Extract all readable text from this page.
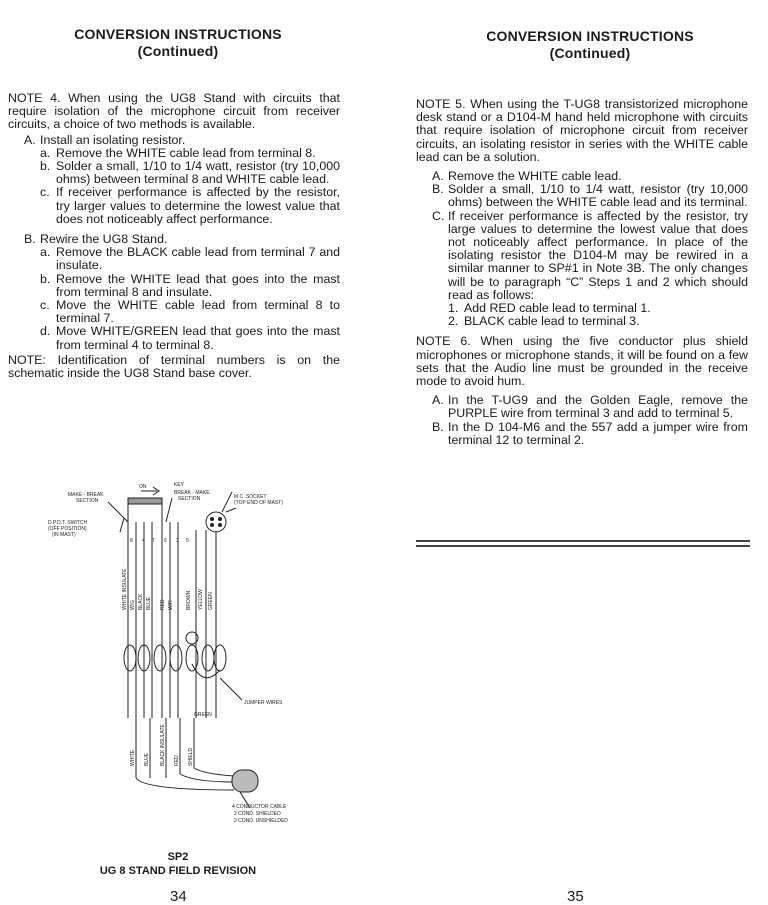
CONVERSION INSTRUCTIONS
(Continued)

NOTE 4. When using the UG8 Stand with circuits that require isolation of the microphone circuit from receiver circuits, a choice of two methods is available.

A. Install an isolating resistor.
a. Remove the WHITE cable lead from terminal 8.
b. Solder a small, 1/10 to 1/4 watt, resistor (try 10,000 ohms) between terminal 8 and WHITE cable lead.
c. If receiver performance is affected by the resistor, try larger values to determine the lowest value that does not noticeably affect performance.
B. Rewire the UG8 Stand.
a. Remove the BLACK cable lead from terminal 7 and insulate.
b. Remove the WHITE lead that goes into the mast from terminal 8 and insulate.
c. Move the WHITE cable lead from terminal 8 to terminal 7.
d. Move WHITE/GREEN lead that goes into the mast from terminal 4 to terminal 8.

NOTE: Identification of terminal numbers is on the schematic inside the UG8 Stand base cover.

ON	KEY
MAKE - BREAK
SECTION
BREAK - MAKE
SECTION	M.C. SOCKET
(TOP END OF MAST)
D.P.D.T. SWITCH
(OFF POSITION)
(IN MAST)
JUMPER WIRES
GREEN
4 CONDUCTOR CABLE
2 COND. SHIELDED
2 COND. UNSHIELDED
8 4 7 6 3 5
WHITE INSULATE W/G BLACK BLUE RED W/R BROWN YELLOW GREEN
WHITE BLUE BLACK INSULATE RED SHIELD
SP2
UG 8 STAND FIELD REVISION
34
CONVERSION INSTRUCTIONS
(Continued)

NOTE 5. When using the T-UG8 transistorized microphone desk stand or a D104-M hand held microphone with circuits that require isolation of microphone circuit from receiver circuits, an isolating resistor in series with the WHITE cable lead can be a solution.

A. Remove the WHITE cable lead.
B. Solder a small, 1/10 to 1/4 watt, resistor (try 10,000 ohms) between the WHITE cable lead and its terminal.
C. If receiver performance is affected by the resistor, try large values to determine the lowest value that does not noticeably affect performance. In place of the isolating resistor the D104-M may be rewired in a similar manner to SP#1 in Note 3B. The only changes will be to paragraph “C” Steps 1 and 2 which should read as follows:
1. Add RED cable lead to terminal 1.
2. BLACK cable lead to terminal 3.

NOTE 6. When using the five conductor plus shield microphones or microphone stands, it will be found on a few sets that the Audio line must be grounded in the receive mode to avoid hum.

A. In the T-UG9 and the Golden Eagle, remove the PURPLE wire from terminal 3 and add to terminal 5.
B. In the D 104-M6 and the 557 add a jumper wire from terminal 12 to terminal 2.
35
